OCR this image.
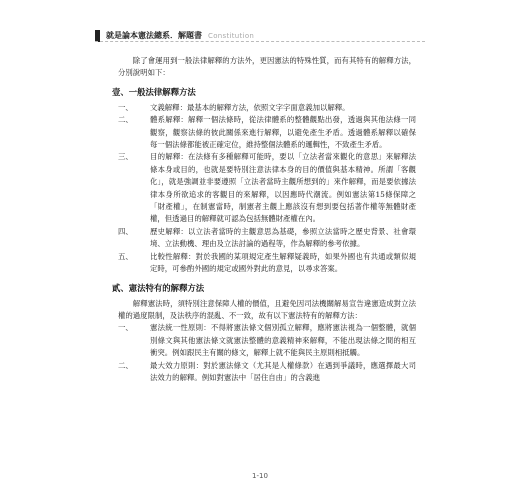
就是論本憲法總系．解題書 Constitution

除了會運用到一般法律解釋的方法外，更因憲法的特殊性質，而有其特有的解釋方法，分別說明如下：

壹、一般法律解釋方法
一、	文義解釋：最基本的解釋方法，依照文字字面意義加以解釋。
二、	體系解釋：解釋一個法條時，從法律體系的整體觀點出發，透過與其他法條一同觀察，觀察法條的彼此關係來進行解釋，以避免產生矛盾。透過體系解釋以確保每一個法條都能被正確定位，維持整個法體系的邏輯性，不致產生矛盾。
三、	目的解釋：在法條有多種解釋可能時，要以「立法者當來觀化的意思」來解釋法條本身或目的，也就是要特別注意法律本身的目的價值與基本精神。所謂「客觀化」，就是強調並非要遵照「立法者當時主觀所想到的」來作解釋，而是要依據法律本身所欲追求的客觀目的來解釋，以因應時代潮流。例如憲法第15條保障之「財產權」，在制憲當時，制憲者主觀上應該沒有想到要包括著作權等無體財產權，但透過目的解釋就可認為包括無體財產權在內。
四、	歷史解釋：以立法者當時的主觀意思為基礎，參照立法當時之歷史背景、社會環境、立法動機、理由及立法討論的過程等，作為解釋的參考依據。
五、	比較性解釋：對於我國的某項規定產生解釋疑義時，如果外國也有共通或類似規定時，可參酌外國的規定或國外對此的意見，以尋求答案。
貳、憲法特有的解釋方法

解釋憲法時，須特別注意保障人權的價值，且避免因司法機關解易宣告違憲造成對立法權的過度限制，及法秩序的混亂、不一致，故有以下憲法特有的解釋方法：

一、	憲法統一性原則：不得將憲法條文個別孤立解釋，應將憲法視為一個整體，就個別條文與其他憲法條文就憲法整體的意義精神來解釋，不能出現法條之間的相互衝突。例如跟民主有關的條文，解釋上就不能與民主原則相抵觸。
二、	最大效力原則：對於憲法條文（尤其是人權條款）在遇到爭議時，應選擇最大司法效力的解釋。例如對憲法中「居住自由」的含義進
1-10
